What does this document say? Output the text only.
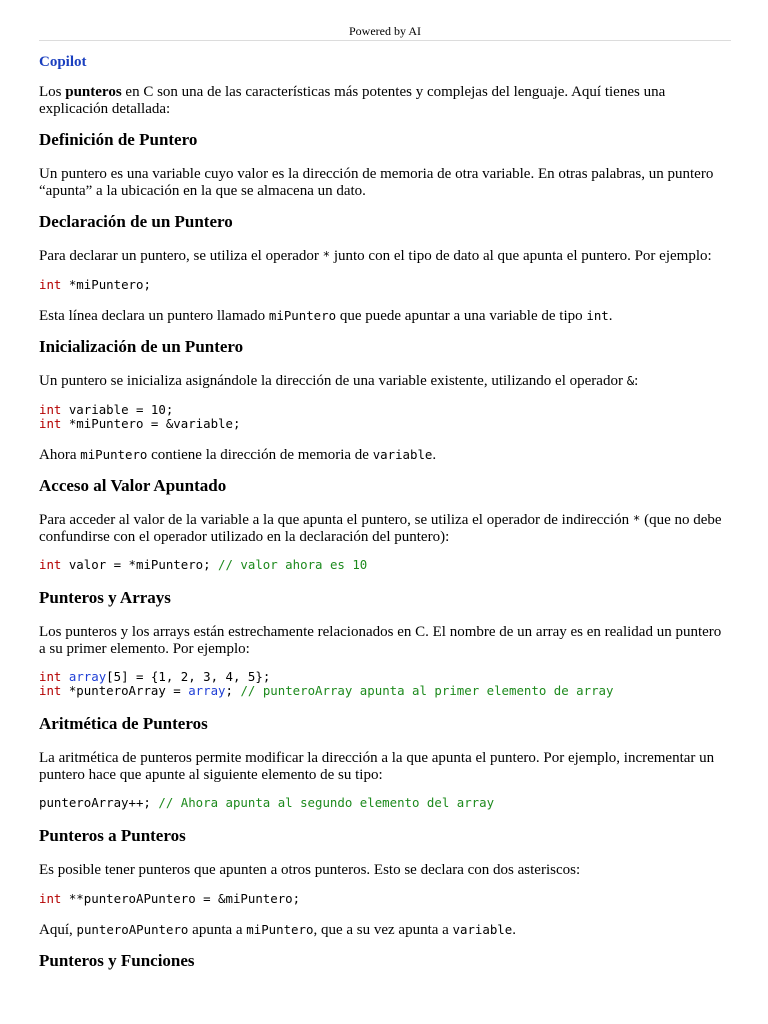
Powered by AI
Copilot

Los punteros en C son una de las características más potentes y complejas del lenguaje. Aquí tienes una explicación detallada:

Definición de Puntero

Un puntero es una variable cuyo valor es la dirección de memoria de otra variable. En otras palabras, un puntero “apunta” a la ubicación en la que se almacena un dato.

Declaración de un Puntero

Para declarar un puntero, se utiliza el operador * junto con el tipo de dato al que apunta el puntero. Por ejemplo:

int *miPuntero;

Esta línea declara un puntero llamado miPuntero que puede apuntar a una variable de tipo int.

Inicialización de un Puntero

Un puntero se inicializa asignándole la dirección de una variable existente, utilizando el operador &:

int variable = 10;
int *miPuntero = &variable;

Ahora miPuntero contiene la dirección de memoria de variable.

Acceso al Valor Apuntado

Para acceder al valor de la variable a la que apunta el puntero, se utiliza el operador de indirección * (que no debe confundirse con el operador utilizado en la declaración del puntero):

int valor = *miPuntero; // valor ahora es 10
Punteros y Arrays

Los punteros y los arrays están estrechamente relacionados en C. El nombre de un array es en realidad un puntero a su primer elemento. Por ejemplo:

int array[5] = {1, 2, 3, 4, 5};
int *punteroArray = array; // punteroArray apunta al primer elemento de array
Aritmética de Punteros

La aritmética de punteros permite modificar la dirección a la que apunta el puntero. Por ejemplo, incrementar un puntero hace que apunte al siguiente elemento de su tipo:

punteroArray++; // Ahora apunta al segundo elemento del array
Punteros a Punteros

Es posible tener punteros que apunten a otros punteros. Esto se declara con dos asteriscos:

int **punteroAPuntero = &miPuntero;

Aquí, punteroAPuntero apunta a miPuntero, que a su vez apunta a variable.

Punteros y Funciones
